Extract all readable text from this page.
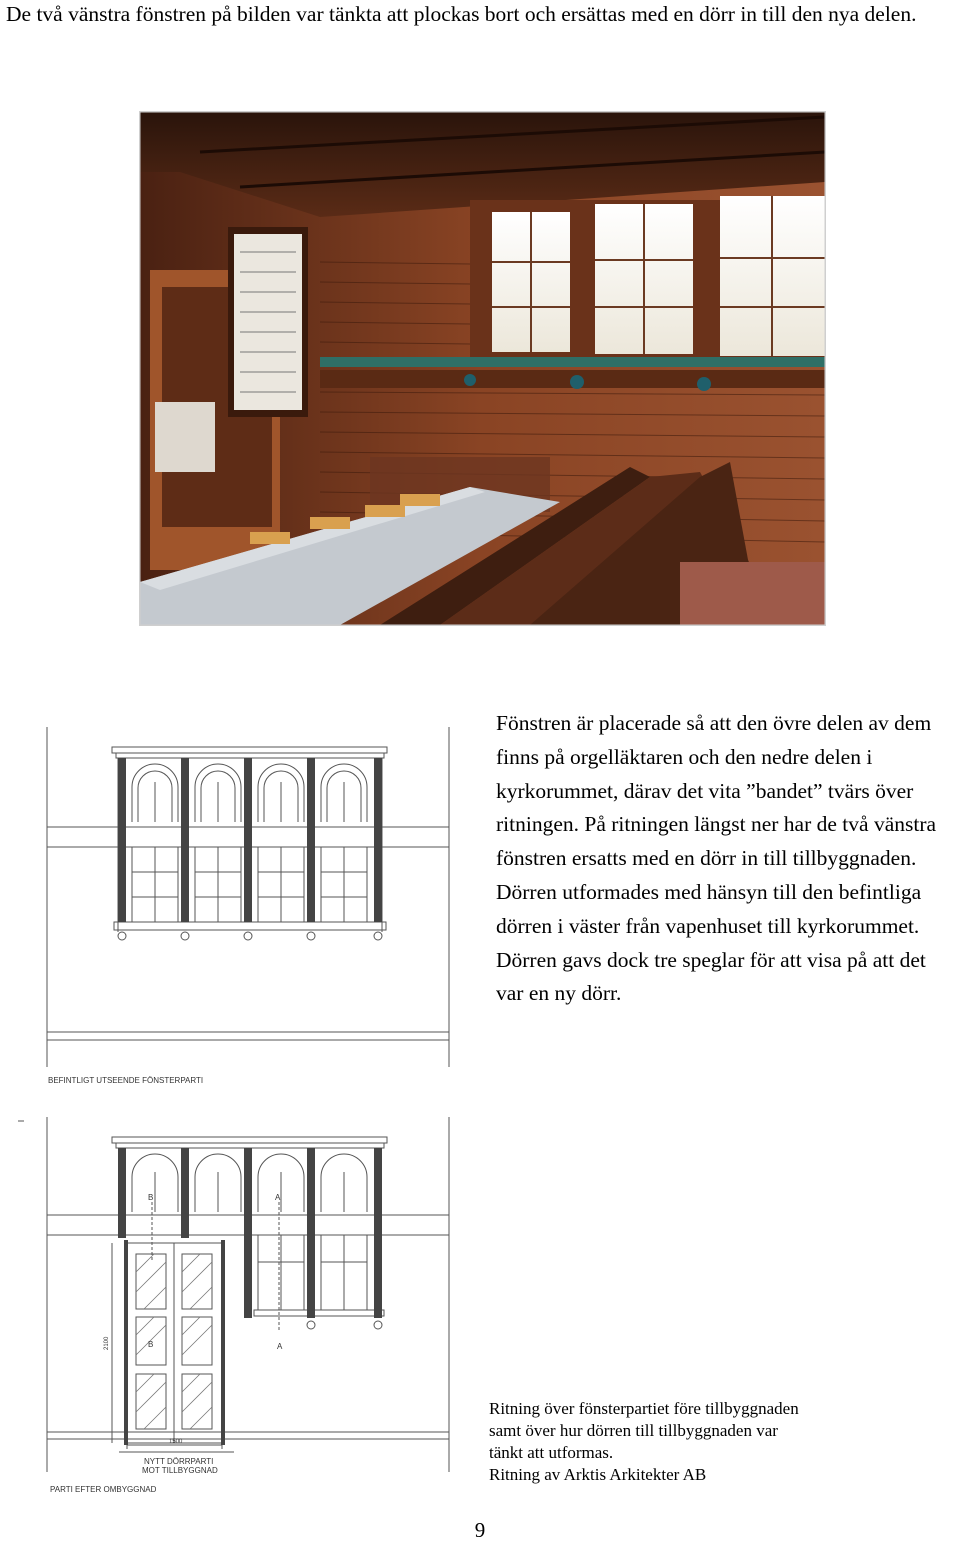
De två vänstra fönstren på bilden var tänkta att plockas bort och ersättas med en dörr in till den nya delen.
Fönstren är placerade så att den övre delen av dem finns på orgelläktaren och den nedre delen i kyrkorummet, därav det vita ”bandet” tvärs över ritningen. På ritningen längst ner har de två vänstra fönstren ersatts med en dörr in till tillbyggnaden. Dörren utformades med hänsyn till den befintliga dörren i väster från vapenhuset till kyrkorummet. Dörren gavs dock tre speglar för att visa på att det var en ny dörr.
BEFINTLIGT UTSEENDE FÖNSTERPARTI
B	A
B	A
2100
1500
NYTT DÖRRPARTI
MOT TILLBYGGNAD
PARTI EFTER OMBYGGNAD
Ritning över fönsterpartiet före tillbyggnaden
samt över hur dörren till tillbyggnaden var
tänkt att utformas.
Ritning av Arktis Arkitekter AB
9
